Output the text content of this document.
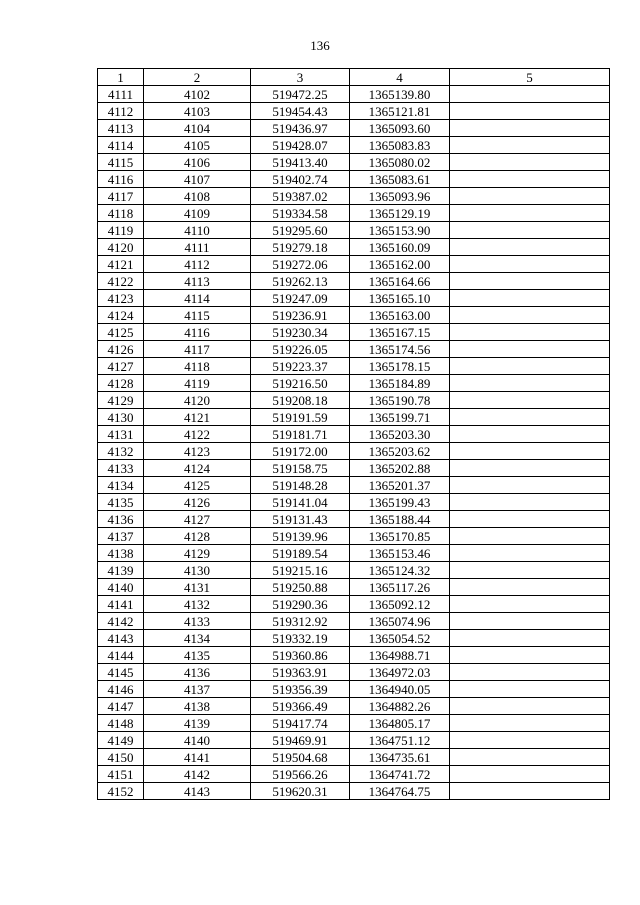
136
1	2	3	4	5
4111	4102	519472.25	1365139.80	
4112	4103	519454.43	1365121.81	
4113	4104	519436.97	1365093.60	
4114	4105	519428.07	1365083.83	
4115	4106	519413.40	1365080.02	
4116	4107	519402.74	1365083.61	
4117	4108	519387.02	1365093.96	
4118	4109	519334.58	1365129.19	
4119	4110	519295.60	1365153.90	
4120	4111	519279.18	1365160.09	
4121	4112	519272.06	1365162.00	
4122	4113	519262.13	1365164.66	
4123	4114	519247.09	1365165.10	
4124	4115	519236.91	1365163.00	
4125	4116	519230.34	1365167.15	
4126	4117	519226.05	1365174.56	
4127	4118	519223.37	1365178.15	
4128	4119	519216.50	1365184.89	
4129	4120	519208.18	1365190.78	
4130	4121	519191.59	1365199.71	
4131	4122	519181.71	1365203.30	
4132	4123	519172.00	1365203.62	
4133	4124	519158.75	1365202.88	
4134	4125	519148.28	1365201.37	
4135	4126	519141.04	1365199.43	
4136	4127	519131.43	1365188.44	
4137	4128	519139.96	1365170.85	
4138	4129	519189.54	1365153.46	
4139	4130	519215.16	1365124.32	
4140	4131	519250.88	1365117.26	
4141	4132	519290.36	1365092.12	
4142	4133	519312.92	1365074.96	
4143	4134	519332.19	1365054.52	
4144	4135	519360.86	1364988.71	
4145	4136	519363.91	1364972.03	
4146	4137	519356.39	1364940.05	
4147	4138	519366.49	1364882.26	
4148	4139	519417.74	1364805.17	
4149	4140	519469.91	1364751.12	
4150	4141	519504.68	1364735.61	
4151	4142	519566.26	1364741.72	
4152	4143	519620.31	1364764.75	
